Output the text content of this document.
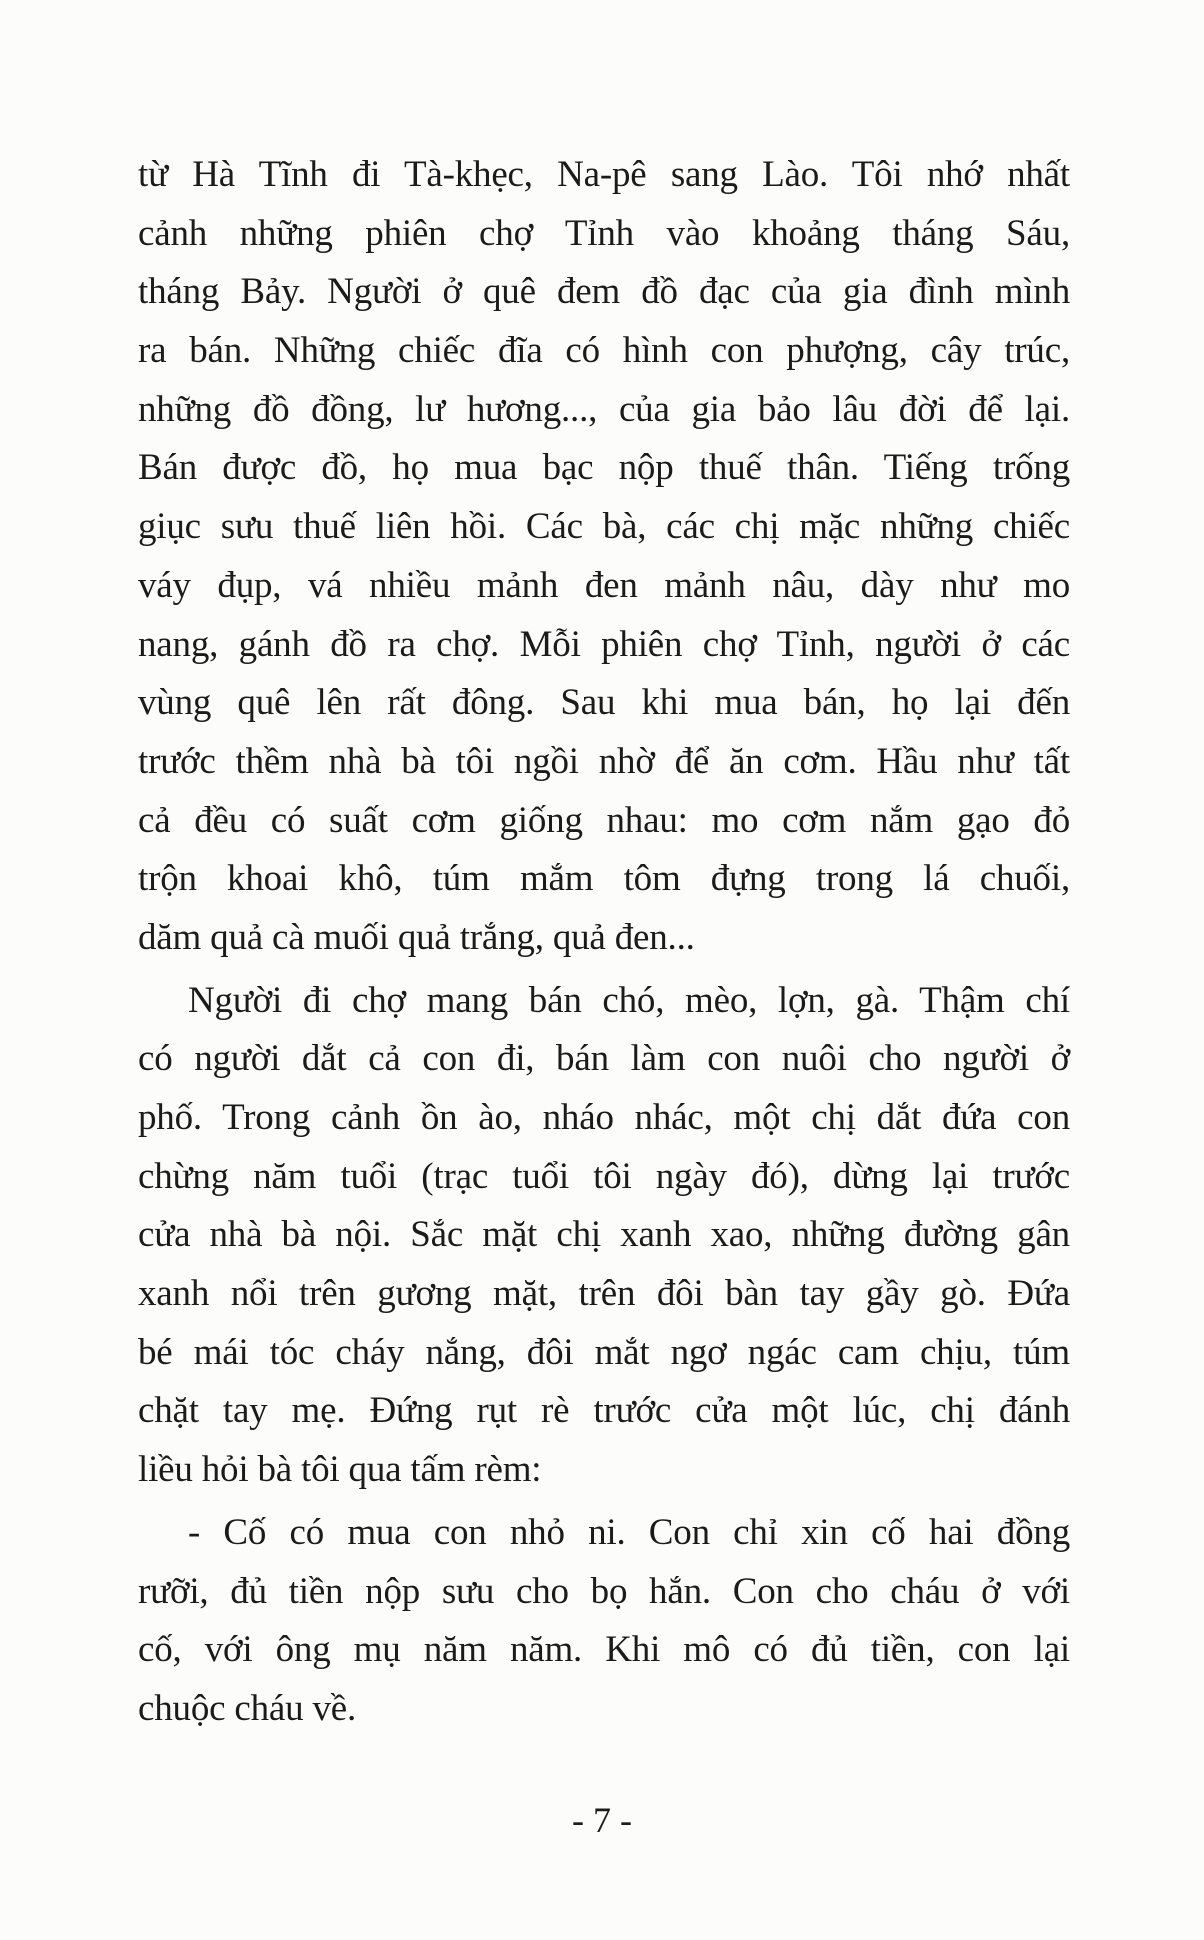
từ Hà Tĩnh đi Tà-khẹc, Na-pê sang Lào. Tôi nhớ nhất
cảnh những phiên chợ Tỉnh vào khoảng tháng Sáu,
tháng Bảy. Người ở quê đem đồ đạc của gia đình mình
ra bán. Những chiếc đĩa có hình con phượng, cây trúc,
những đồ đồng, lư hương..., của gia bảo lâu đời để lại.
Bán được đồ, họ mua bạc nộp thuế thân. Tiếng trống
giục sưu thuế liên hồi. Các bà, các chị mặc những chiếc
váy đụp, vá nhiều mảnh đen mảnh nâu, dày như mo
nang, gánh đồ ra chợ. Mỗi phiên chợ Tỉnh, người ở các
vùng quê lên rất đông. Sau khi mua bán, họ lại đến
trước thềm nhà bà tôi ngồi nhờ để ăn cơm. Hầu như tất
cả đều có suất cơm giống nhau: mo cơm nắm gạo đỏ
trộn khoai khô, túm mắm tôm đựng trong lá chuối,
dăm quả cà muối quả trắng, quả đen...

Người đi chợ mang bán chó, mèo, lợn, gà. Thậm chí
có người dắt cả con đi, bán làm con nuôi cho người ở
phố. Trong cảnh ồn ào, nháo nhác, một chị dắt đứa con
chừng năm tuổi (trạc tuổi tôi ngày đó), dừng lại trước
cửa nhà bà nội. Sắc mặt chị xanh xao, những đường gân
xanh nổi trên gương mặt, trên đôi bàn tay gầy gò. Đứa
bé mái tóc cháy nắng, đôi mắt ngơ ngác cam chịu, túm
chặt tay mẹ. Đứng rụt rè trước cửa một lúc, chị đánh
liều hỏi bà tôi qua tấm rèm:

- Cố có mua con nhỏ ni. Con chỉ xin cố hai đồng
rưỡi, đủ tiền nộp sưu cho bọ hắn. Con cho cháu ở với
cố, với ông mụ năm năm. Khi mô có đủ tiền, con lại
chuộc cháu về.

- 7 -
